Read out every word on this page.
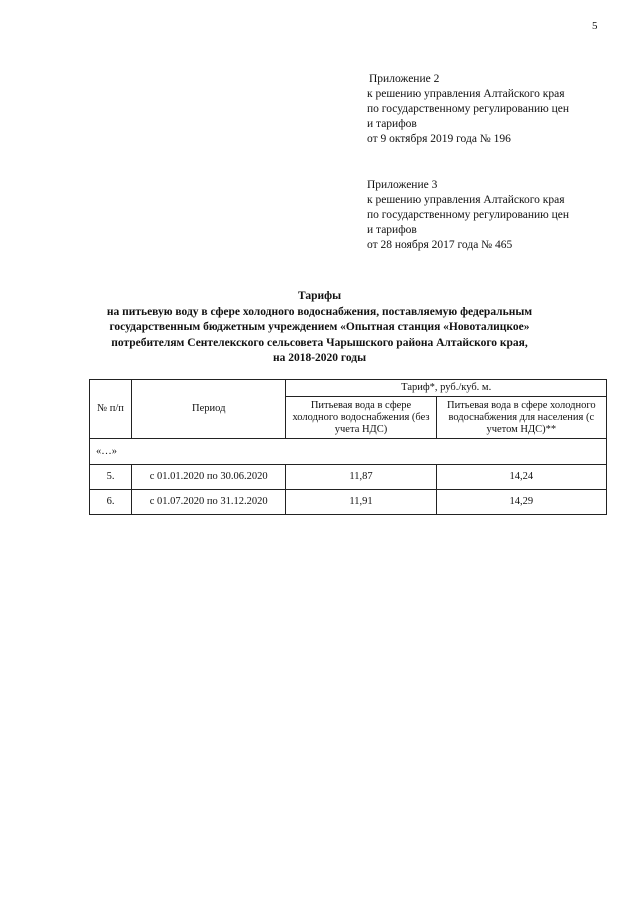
5
Приложение 2
к решению управления Алтайского края
по государственному регулированию цен
и тарифов
от 9 октября 2019 года № 196
Приложение 3
к решению управления Алтайского края
по государственному регулированию цен
и тарифов
от 28 ноября 2017 года № 465
Тарифы
на питьевую воду в сфере холодного водоснабжения, поставляемую федеральным
государственным бюджетным учреждением «Опытная станция «Новоталицкое»
потребителям Сентелекского сельсовета Чарышского района Алтайского края,
на 2018-2020 годы
№ п/п	Период	Тариф*, руб./куб. м.	
		Питьевая вода в сфере холодного водоснабжения (без учета НДС)	Питьевая вода в сфере холодного водоснабжения для населения (с учетом НДС)**
«…»			
5.	с 01.01.2020 по 30.06.2020	11,87	14,24
6.	с 01.07.2020 по 31.12.2020	11,91	14,29
